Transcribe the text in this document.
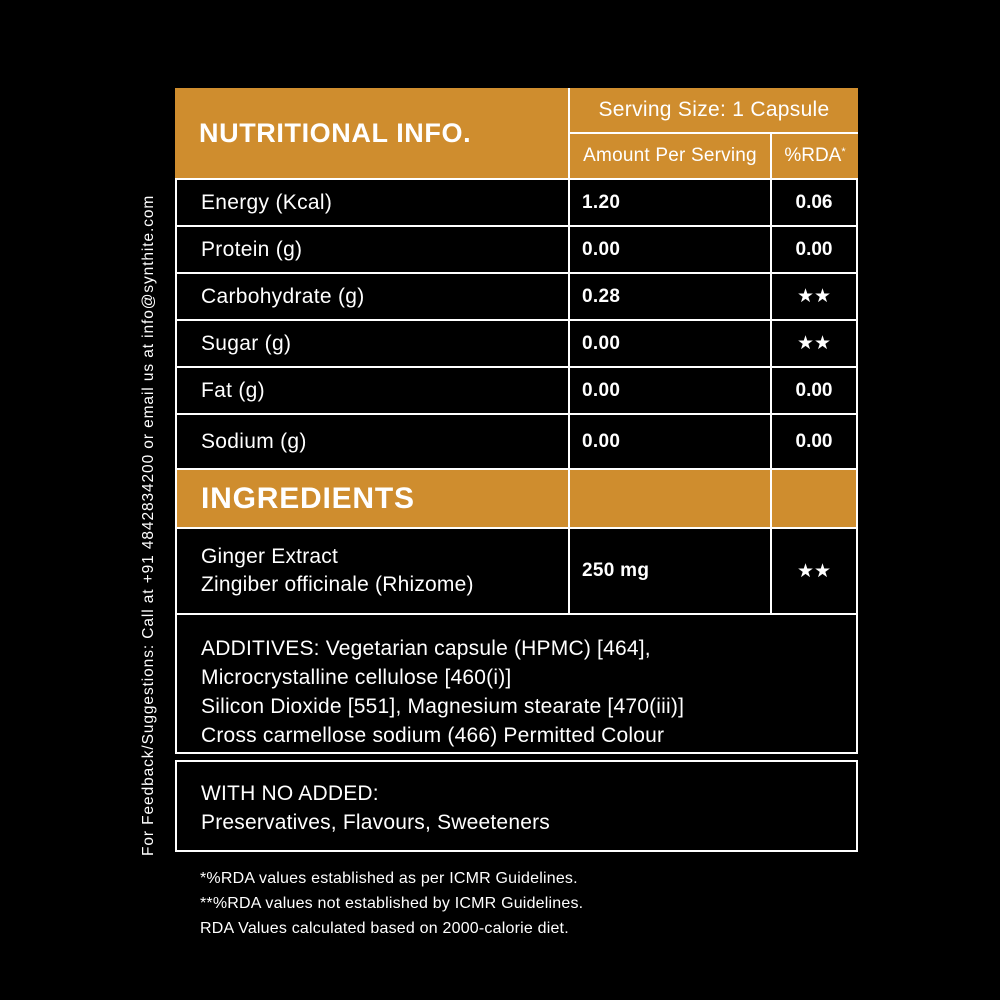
For Feedback/Suggestions: Call at +91 4842834200 or email us at info@synthite.com
NUTRITIONAL INFO.
Serving Size: 1 Capsule
Amount Per Serving	%RDA *
Energy (Kcal)	1.20	0.06
Protein (g)	0.00	0.00
Carbohydrate (g)	0.28	★★
Sugar (g)	0.00	★★
Fat (g)	0.00	0.00
Sodium (g)	0.00	0.00
INGREDIENTS
Ginger Extract
Zingiber officinale (Rhizome)
250 mg	★★
ADDITIVES: Vegetarian capsule (HPMC) [464],
Microcrystalline cellulose [460(i)]
Silicon Dioxide [551], Magnesium stearate [470(iii)]
Cross carmellose sodium (466) Permitted Colour
WITH NO ADDED:
Preservatives, Flavours, Sweeteners
*%RDA values established as per ICMR Guidelines.
**%RDA values not established by ICMR Guidelines.
RDA Values calculated based on 2000-calorie diet.
